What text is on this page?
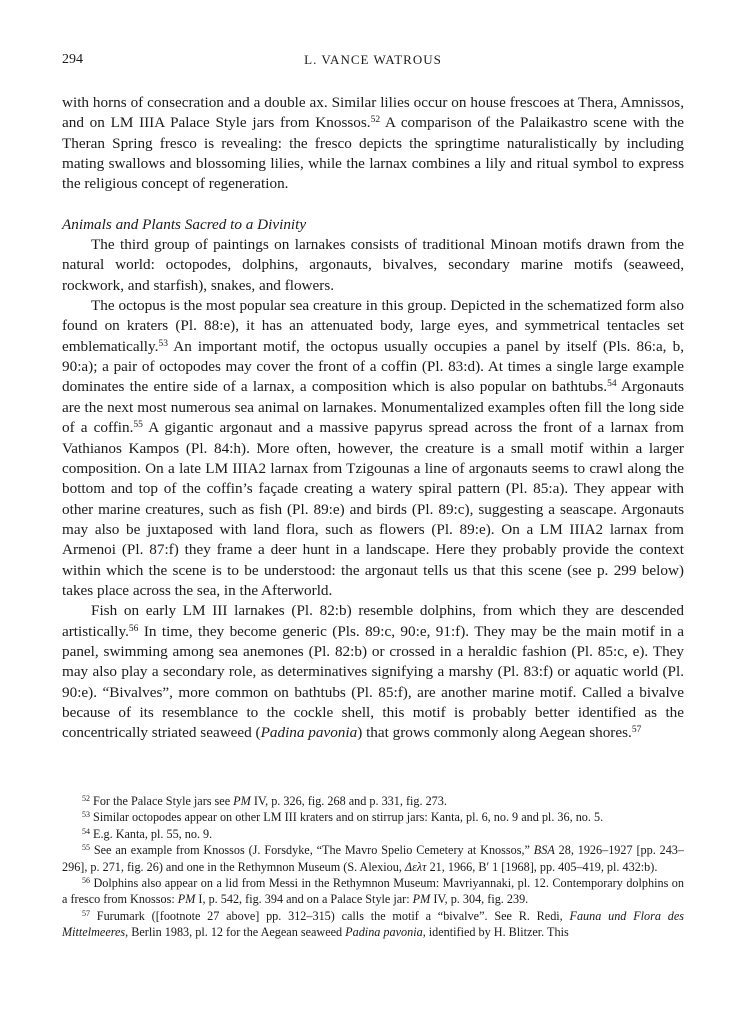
294	L. VANCE WATROUS

with horns of consecration and a double ax. Similar lilies occur on house frescoes at Thera, Amnissos, and on LM IIIA Palace Style jars from Knossos.$^{52}$ A comparison of the Palaikastro scene with the Theran Spring fresco is revealing: the fresco depicts the springtime naturalistically by including mating swallows and blossoming lilies, while the larnax combines a lily and ritual symbol to express the religious concept of regeneration.

Animals and Plants Sacred to a Divinity

The third group of paintings on larnakes consists of traditional Minoan motifs drawn from the natural world: octopodes, dolphins, argonauts, bivalves, secondary marine motifs (seaweed, rockwork, and starfish), snakes, and flowers.

The octopus is the most popular sea creature in this group. Depicted in the schematized form also found on kraters (Pl. 88:e), it has an attenuated body, large eyes, and symmetrical tentacles set emblematically.$^{53}$ An important motif, the octopus usually occupies a panel by itself (Pls. 86:a, b, 90:a); a pair of octopodes may cover the front of a coffin (Pl. 83:d). At times a single large example dominates the entire side of a larnax, a composition which is also popular on bathtubs.$^{54}$ Argonauts are the next most numerous sea animal on larnakes. Monumentalized examples often fill the long side of a coffin.$^{55}$ A gigantic argonaut and a massive papyrus spread across the front of a larnax from Vathianos Kampos (Pl. 84:h). More often, however, the creature is a small motif within a larger composition. On a late LM IIIA2 larnax from Tzigounas a line of argonauts seems to crawl along the bottom and top of the coffin’s façade creating a watery spiral pattern (Pl. 85:a). They appear with other marine creatures, such as fish (Pl. 89:e) and birds (Pl. 89:c), suggesting a seascape. Argonauts may also be juxtaposed with land flora, such as flowers (Pl. 89:e). On a LM IIIA2 larnax from Armenoi (Pl. 87:f) they frame a deer hunt in a landscape. Here they probably provide the context within which the scene is to be understood: the argonaut tells us that this scene (see p. 299 below) takes place across the sea, in the Afterworld.

Fish on early LM III larnakes (Pl. 82:b) resemble dolphins, from which they are descended artistically.$^{56}$ In time, they become generic (Pls. 89:c, 90:e, 91:f). They may be the main motif in a panel, swimming among sea anemones (Pl. 82:b) or crossed in a heraldic fashion (Pl. 85:c, e). They may also play a secondary role, as determinatives signifying a marshy (Pl. 83:f) or aquatic world (Pl. 90:e). “Bivalves”, more common on bathtubs (Pl. 85:f), are another marine motif. Called a bivalve because of its resemblance to the cockle shell, this motif is probably better identified as the concentrically striated seaweed (Padina pavonia) that grows commonly along Aegean shores.$^{57}$

$^{52}$ For the Palace Style jars see PM IV, p. 326, fig. 268 and p. 331, fig. 273.

$^{53}$ Similar octopodes appear on other LM III kraters and on stirrup jars: Kanta, pl. 6, no. 9 and pl. 36, no. 5.

$^{54}$ E.g. Kanta, pl. 55, no. 9.

$^{55}$ See an example from Knossos (J. Forsdyke, “The Mavro Spelio Cemetery at Knossos,” BSA 28, 1926–1927 [pp. 243–296], p. 271, fig. 26) and one in the Rethymnon Museum (S. Alexiou, Δελτ 21, 1966, B′ 1 [1968], pp. 405–419, pl. 432:b).

$^{56}$ Dolphins also appear on a lid from Messi in the Rethymnon Museum: Mavriyannaki, pl. 12. Contemporary dolphins on a fresco from Knossos: PM I, p. 542, fig. 394 and on a Palace Style jar: PM IV, p. 304, fig. 239.

$^{57}$ Furumark ([footnote 27 above] pp. 312–315) calls the motif a “bivalve”. See R. Redi, Fauna und Flora des Mittelmeeres, Berlin 1983, pl. 12 for the Aegean seaweed Padina pavonia, identified by H. Blitzer. This
